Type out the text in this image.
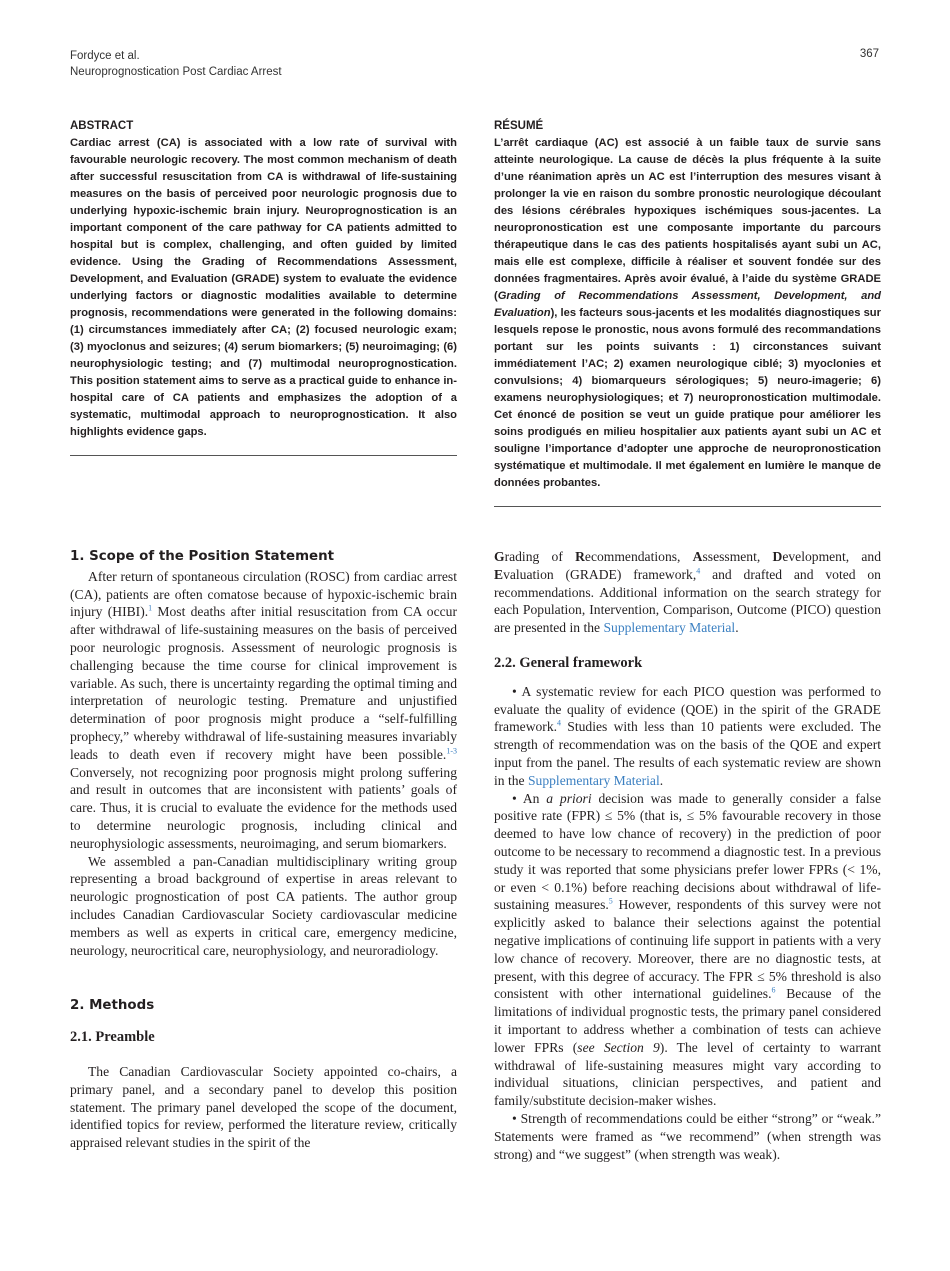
Fordyce et al.
Neuroprognostication Post Cardiac Arrest
367
ABSTRACT

Cardiac arrest (CA) is associated with a low rate of survival with favourable neurologic recovery. The most common mechanism of death after successful resuscitation from CA is withdrawal of life-sustaining measures on the basis of perceived poor neurologic prognosis due to underlying hypoxic-ischemic brain injury. Neuroprognostication is an important component of the care pathway for CA patients admitted to hospital but is complex, challenging, and often guided by limited evidence. Using the Grading of Recommendations Assessment, Development, and Evaluation (GRADE) system to evaluate the evidence underlying factors or diagnostic modalities available to determine prognosis, recommendations were generated in the following domains: (1) circumstances immediately after CA; (2) focused neurologic exam; (3) myoclonus and seizures; (4) serum biomarkers; (5) neuroimaging; (6) neurophysiologic testing; and (7) multimodal neuroprognostication. This position statement aims to serve as a practical guide to enhance in-hospital care of CA patients and emphasizes the adoption of a systematic, multimodal approach to neuroprognostication. It also highlights evidence gaps.

RÉSUMÉ

L’arrêt cardiaque (AC) est associé à un faible taux de survie sans atteinte neurologique. La cause de décès la plus fréquente à la suite d’une réanimation après un AC est l’interruption des mesures visant à prolonger la vie en raison du sombre pronostic neurologique découlant des lésions cérébrales hypoxiques ischémiques sous-jacentes. La neuropronostication est une composante importante du parcours thérapeutique dans le cas des patients hospitalisés ayant subi un AC, mais elle est complexe, difficile à réaliser et souvent fondée sur des données fragmentaires. Après avoir évalué, à l’aide du système GRADE (Grading of Recommendations Assessment, Development, and Evaluation), les facteurs sous-jacents et les modalités diagnostiques sur lesquels repose le pronostic, nous avons formulé des recommandations portant sur les points suivants : 1) circonstances suivant immédiatement l’AC; 2) examen neurologique ciblé; 3) myoclonies et convulsions; 4) biomarqueurs sérologiques; 5) neuro-imagerie; 6) examens neurophysiologiques; et 7) neuropronostication multimodale. Cet énoncé de position se veut un guide pratique pour améliorer les soins prodigués en milieu hospitalier aux patients ayant subi un AC et souligne l’importance d’adopter une approche de neuropronostication systématique et multimodale. Il met également en lumière le manque de données probantes.

1. Scope of the Position Statement

After return of spontaneous circulation (ROSC) from cardiac arrest (CA), patients are often comatose because of hypoxic-ischemic brain injury (HIBI).$^1$ Most deaths after initial resuscitation from CA occur after withdrawal of life-sustaining measures on the basis of perceived poor neurologic prognosis. Assessment of neurologic prognosis is challenging because the time course for clinical improvement is variable. As such, there is uncertainty regarding the optimal timing and interpretation of neurologic testing. Premature and unjustified determination of poor prognosis might produce a “self-fulfilling prophecy,” whereby withdrawal of life-sustaining measures invariably leads to death even if recovery might have been possible.$^{1-3}$ Conversely, not recognizing poor prognosis might prolong suffering and result in outcomes that are inconsistent with patients’ goals of care. Thus, it is crucial to evaluate the evidence for the methods used to determine neurologic prognosis, including clinical and neurophysiologic assessments, neuroimaging, and serum biomarkers.

We assembled a pan-Canadian multidisciplinary writing group representing a broad background of expertise in areas relevant to neurologic prognostication of post CA patients. The author group includes Canadian Cardiovascular Society cardiovascular medicine members as well as experts in critical care, emergency medicine, neurology, neurocritical care, neurophysiology, and neuroradiology.

2. Methods
2.1. Preamble

The Canadian Cardiovascular Society appointed co-chairs, a primary panel, and a secondary panel to develop this position statement. The primary panel developed the scope of the document, identified topics for review, performed the literature review, critically appraised relevant studies in the spirit of the

Grading of Recommendations, Assessment, Development, and Evaluation (GRADE) framework,$^4$ and drafted and voted on recommendations. Additional information on the search strategy for each Population, Intervention, Comparison, Outcome (PICO) question are presented in the Supplementary Material.

2.2. General framework

• A systematic review for each PICO question was performed to evaluate the quality of evidence (QOE) in the spirit of the GRADE framework.$^4$ Studies with less than 10 patients were excluded. The strength of recommendation was on the basis of the QOE and expert input from the panel. The results of each systematic review are shown in the Supplementary Material.

• An a priori decision was made to generally consider a false positive rate (FPR) ≤ 5% (that is, ≤ 5% favourable recovery in those deemed to have low chance of recovery) in the prediction of poor outcome to be necessary to recommend a diagnostic test. In a previous study it was reported that some physicians prefer lower FPRs (< 1%, or even < 0.1%) before reaching decisions about withdrawal of life-sustaining measures.$^5$ However, respondents of this survey were not explicitly asked to balance their selections against the potential negative implications of continuing life support in patients with a very low chance of recovery. Moreover, there are no diagnostic tests, at present, with this degree of accuracy. The FPR ≤ 5% threshold is also consistent with other international guidelines.$^6$ Because of the limitations of individual prognostic tests, the primary panel considered it important to address whether a combination of tests can achieve lower FPRs (see Section 9). The level of certainty to warrant withdrawal of life-sustaining measures might vary according to individual situations, clinician perspectives, and patient and family/substitute decision-maker wishes.

• Strength of recommendations could be either “strong” or “weak.” Statements were framed as “we recommend” (when strength was strong) and “we suggest” (when strength was weak).
